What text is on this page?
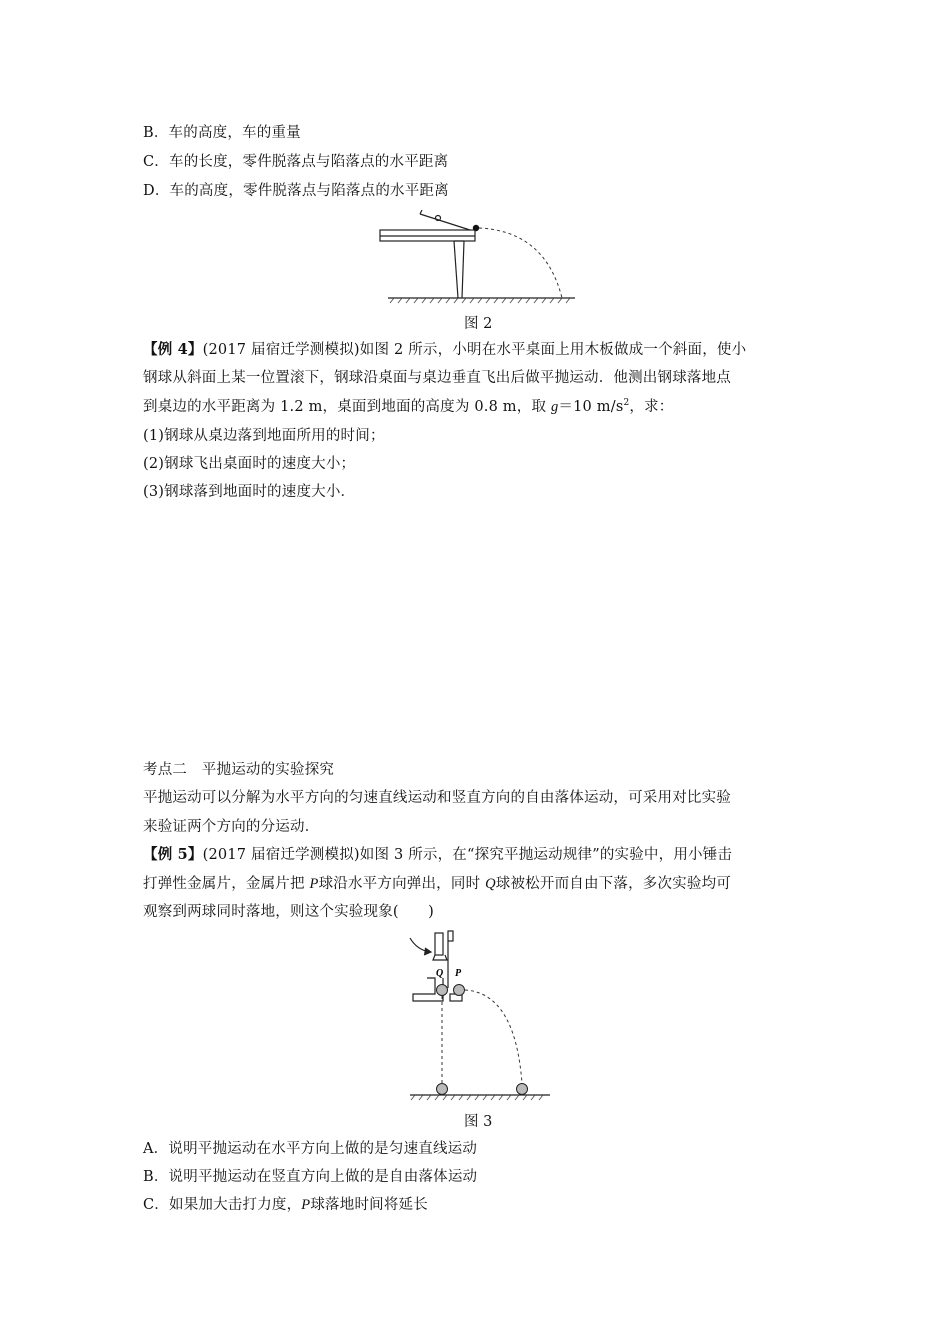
B．车的高度，车的重量
C．车的长度，零件脱落点与陷落点的水平距离
D．车的高度，零件脱落点与陷落点的水平距离
图 2
【例 4】(2017 届宿迁学测模拟)如图 2 所示，小明在水平桌面上用木板做成一个斜面，使小
钢球从斜面上某一位置滚下，钢球沿桌面与桌边垂直飞出后做平抛运动．他测出钢球落地点
到桌边的水平距离为 1.2 m，桌面到地面的高度为 0.8 m，取 g＝10 $m/s^2$，求：
(1)钢球从桌边落到地面所用的时间；
(2)钢球飞出桌面时的速度大小；
(3)钢球落到地面时的速度大小．
考点二　平抛运动的实验探究
平抛运动可以分解为水平方向的匀速直线运动和竖直方向的自由落体运动，可采用对比实验
来验证两个方向的分运动．
【例 5】(2017 届宿迁学测模拟)如图 3 所示，在“探究平抛运动规律”的实验中，用小锤击
打弹性金属片，金属片把 P球沿水平方向弹出，同时 Q球被松开而自由下落，多次实验均可
观察到两球同时落地，则这个实验现象(　　)
Q P
图 3
A．说明平抛运动在水平方向上做的是匀速直线运动
B．说明平抛运动在竖直方向上做的是自由落体运动
C．如果加大击打力度，P球落地时间将延长
